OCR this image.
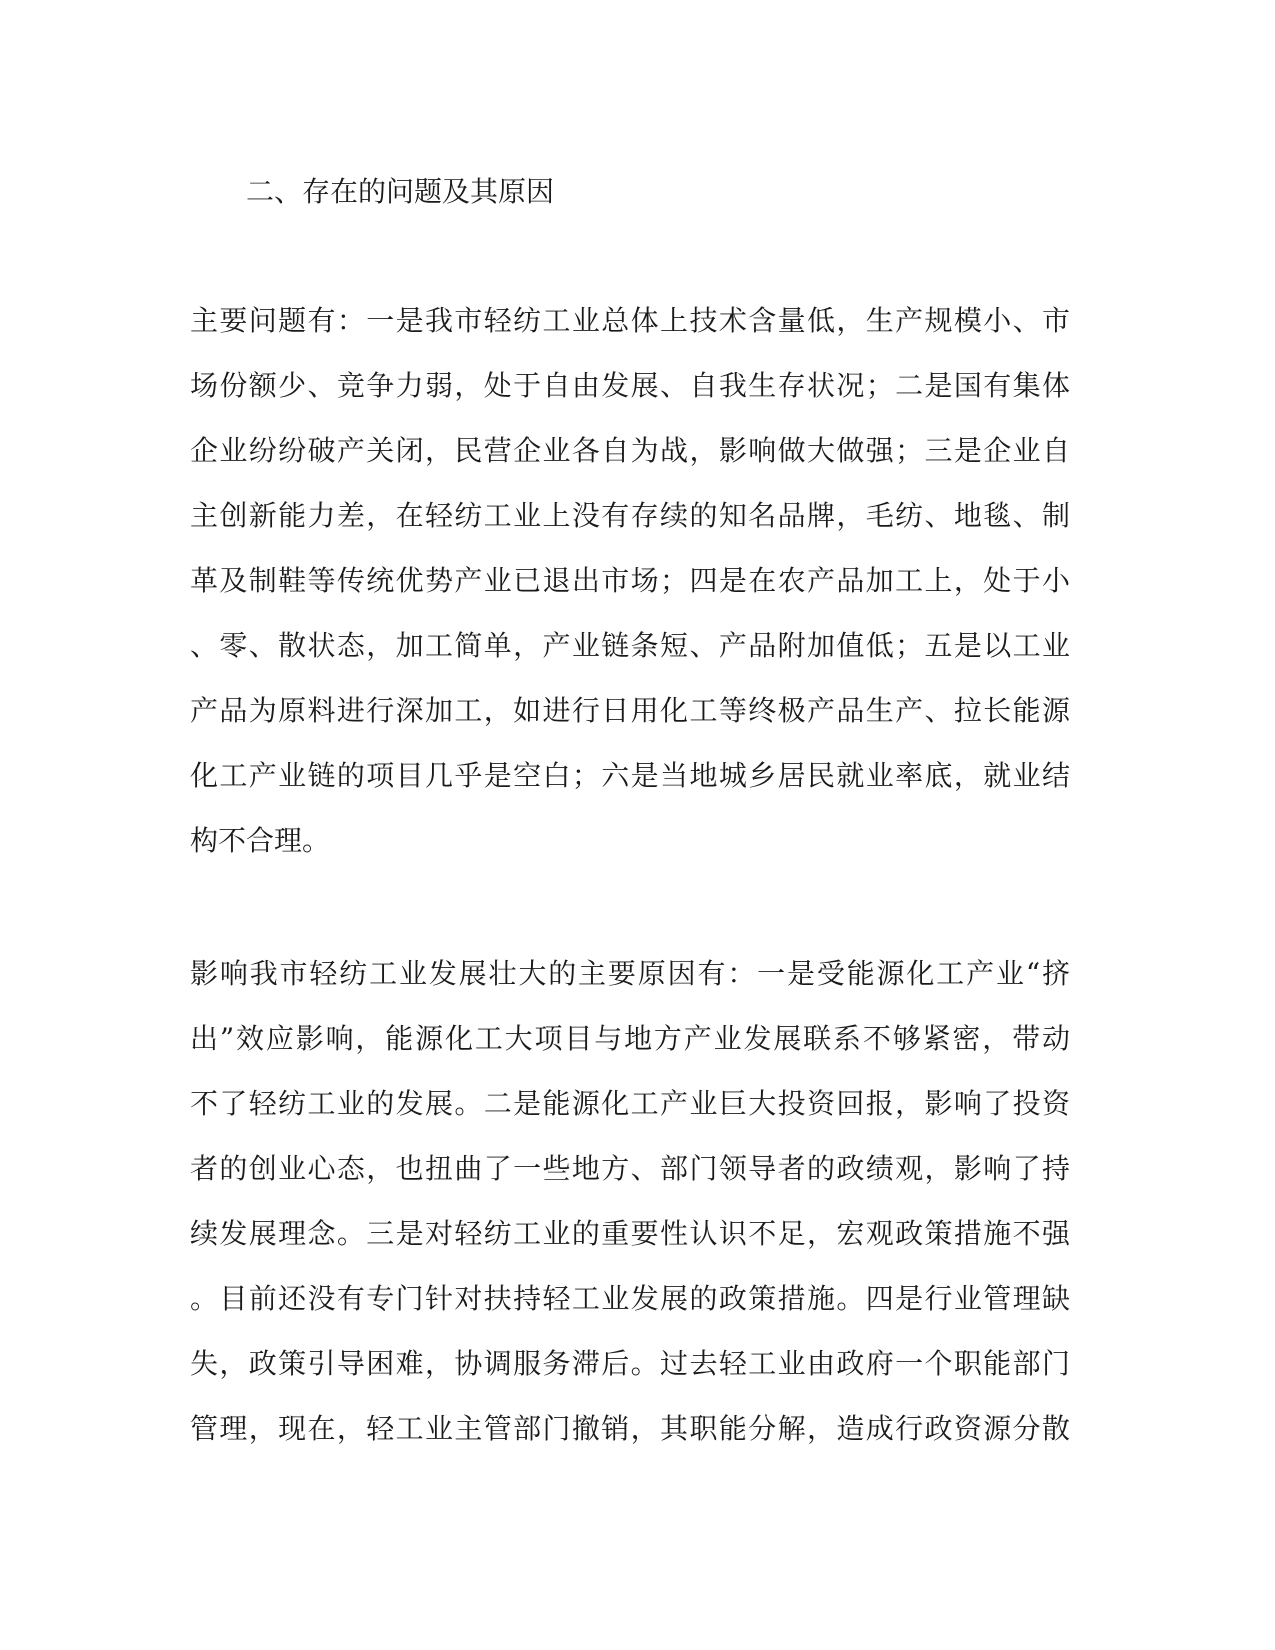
二、存在的问题及其原因
主要问题有：一是我市轻纺工业总体上技术含量低，生产规模小、市
场份额少、竞争力弱，处于自由发展、自我生存状况；二是国有集体
企业纷纷破产关闭，民营企业各自为战，影响做大做强；三是企业自
主创新能力差，在轻纺工业上没有存续的知名品牌，毛纺、地毯、制
革及制鞋等传统优势产业已退出市场；四是在农产品加工上，处于小
、零、散状态，加工简单，产业链条短、产品附加值低；五是以工业
产品为原料进行深加工，如进行日用化工等终极产品生产、拉长能源
化工产业链的项目几乎是空白；六是当地城乡居民就业率底，就业结
构不合理。
影响我市轻纺工业发展壮大的主要原因有：一是受能源化工产业“挤
出”效应影响，能源化工大项目与地方产业发展联系不够紧密，带动
不了轻纺工业的发展。二是能源化工产业巨大投资回报，影响了投资
者的创业心态，也扭曲了一些地方、部门领导者的政绩观，影响了持
续发展理念。三是对轻纺工业的重要性认识不足，宏观政策措施不强
。目前还没有专门针对扶持轻工业发展的政策措施。四是行业管理缺
失，政策引导困难，协调服务滞后。过去轻工业由政府一个职能部门
管理，现在，轻工业主管部门撤销，其职能分解，造成行政资源分散
